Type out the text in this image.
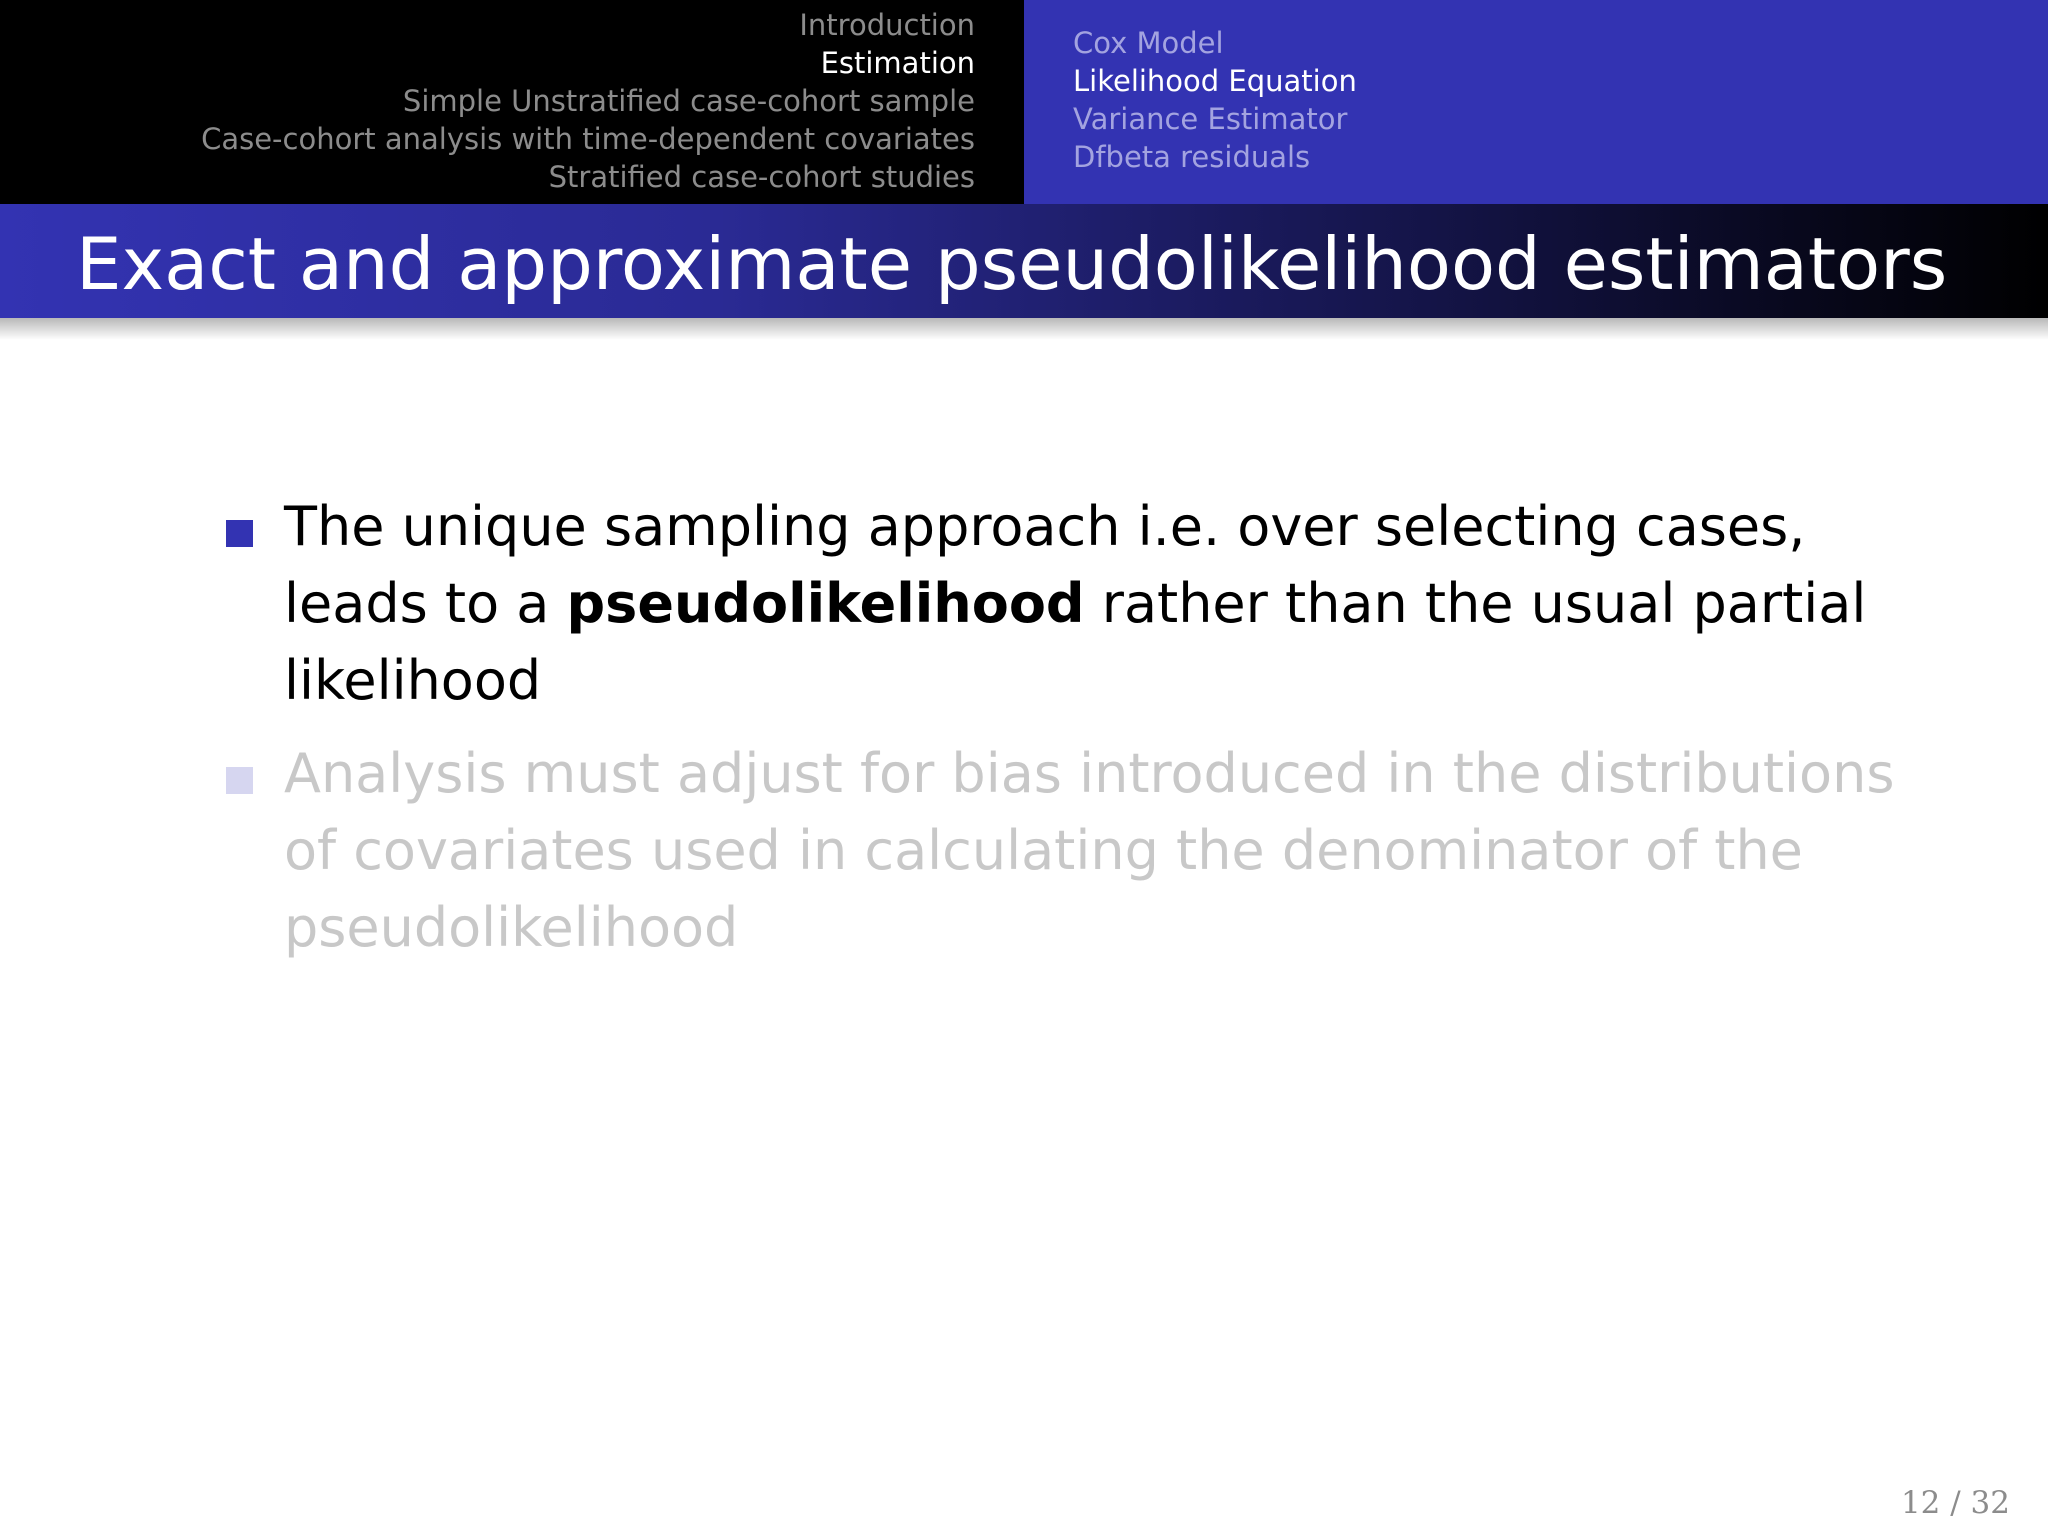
Introduction
Estimation
Simple Unstratified case-cohort sample
Case-cohort analysis with time-dependent covariates
Stratified case-cohort studies
Cox Model
Likelihood Equation
Variance Estimator
Dfbeta residuals
Exact and approximate pseudolikelihood estimators
The unique sampling approach i.e. over selecting cases, leads to a pseudolikelihood rather than the usual partial likelihood
Analysis must adjust for bias introduced in the distributions of covariates used in calculating the denominator of the pseudolikelihood
12 / 32
